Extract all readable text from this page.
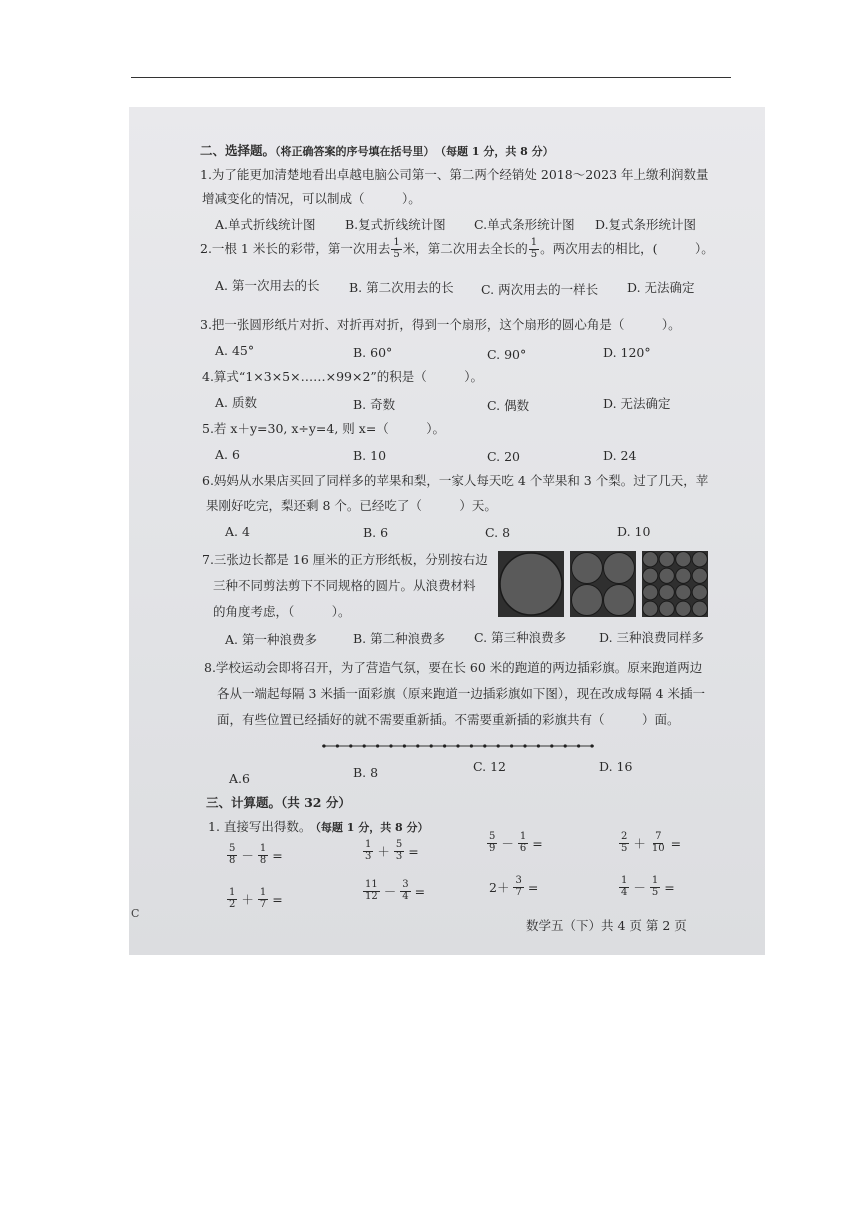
二、选择题。（将正确答案的序号填在括号里） （每题 1 分，共 8 分）
1.为了能更加清楚地看出卓越电脑公司第一、第二两个经销处 2018～2023 年上缴利润数量
增减变化的情况，可以制成（　　　）。
A.单式折线统计图 B.复式折线统计图 C.单式条形统计图 D.复式条形统计图
2.一根 1 米长的彩带，第一次用去 $\frac{1}{5}$ 米，第二次用去全长的 $\frac{1}{5}$ 。两次用去的相比，(　　　）。
A. 第一次用去的长 B. 第二次用去的长 C. 两次用去的一样长 D. 无法确定
3.把一张圆形纸片对折、对折再对折，得到一个扇形，这个扇形的圆心角是（　　　）。
A. 45°	B. 60°	C. 90°	D. 120°
4.算式“1×3×5×……×99×2”的积是（　　　）。
A. 质数	B. 奇数	C. 偶数	D. 无法确定
5.若 x＋y=30, x÷y=4, 则 x=（　　　）。
A. 6	B. 10	C. 20	D. 24
6.妈妈从水果店买回了同样多的苹果和梨，一家人每天吃 4 个苹果和 3 个梨。过了几天，苹
果刚好吃完，梨还剩 8 个。已经吃了（　　　）天。
A. 4	B. 6	C. 8	D. 10
7.三张边长都是 16 厘米的正方形纸板，分别按右边
三种不同剪法剪下不同规格的圆片。从浪费材料
的角度考虑，（　　　）。
A. 第一种浪费多	B. 第二种浪费多 C. 第三种浪费多	D. 三种浪费同样多
8.学校运动会即将召开，为了营造气氛，要在长 60 米的跑道的两边插彩旗。原来跑道两边
各从一端起每隔 3 米插一面彩旗（原来跑道一边插彩旗如下图），现在改成每隔 4 米插一
面，有些位置已经插好的就不需要重新插。不需要重新插的彩旗共有（　　　）面。
A.6	B. 8	C. 12	D. 16
三、计算题。（共 32 分）
1. 直接写出得数。 （每题 1 分，共 8 分）
$\frac{5}{8} - \frac{1}{8}$ =	$\frac{1}{3} + \frac{5}{3}$ =	$\frac{5}{9} - \frac{1}{6}$ =	$\frac{2}{5} + \frac{7}{10}$ =
$\frac{1}{2} + \frac{1}{7}$ =	$\frac{11}{12} - \frac{3}{4}$ =	$2+ \frac{3}{7}$ =	$\frac{1}{4} - \frac{1}{5}$ =
数学五（下）共 4 页 第 2 页
C
